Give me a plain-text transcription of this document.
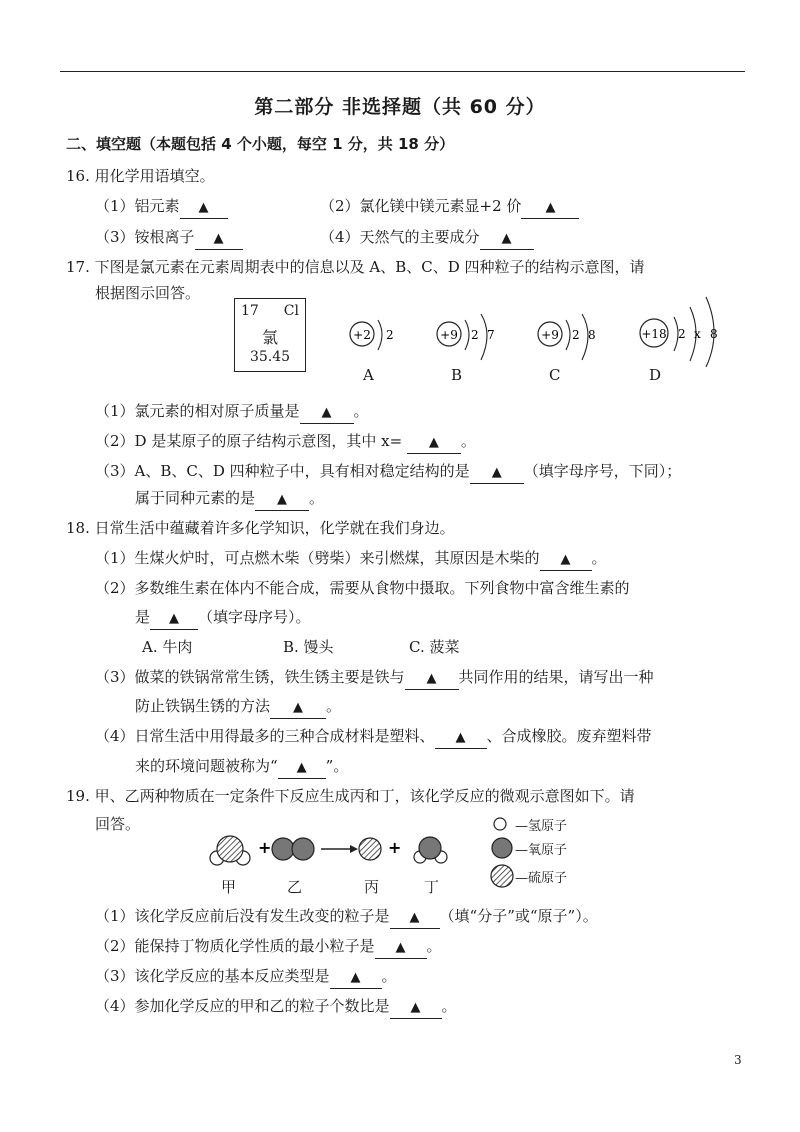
第二部分 非选择题（共 60 分）
二、填空题（本题包括 4 个小题，每空 1 分，共 18 分）
16. 用化学用语填空。
（1）铝元素 ▲	（2）氯化镁中镁元素显+2 价 ▲
（3）铵根离子 ▲	（4）天然气的主要成分 ▲
17. 下图是氯元素在元素周期表中的信息以及 A、B、C、D 四种粒子的结构示意图，请
根据图示回答。
17 Cl
氯
35.45
+2 2
A
+9 2 7
B
+9 2 8
C
+18 2 x 8
D
（1）氯元素的相对原子质量是 ▲ 。
（2）D 是某原子的原子结构示意图，其中 x= ▲ 。
（3）A、B、C、D 四种粒子中，具有相对稳定结构的是 ▲ （填字母序号，下同）；
属于同种元素的是 ▲ 。
18. 日常生活中蕴藏着许多化学知识，化学就在我们身边。
（1）生煤火炉时，可点燃木柴（劈柴）来引燃煤，其原因是木柴的 ▲ 。
（2）多数维生素在体内不能合成，需要从食物中摄取。下列食物中富含维生素的
是 ▲ （填字母序号）。
A. 牛肉	B. 馒头	C. 菠菜
（3）做菜的铁锅常常生锈，铁生锈主要是铁与 ▲ 共同作用的结果，请写出一种
防止铁锅生锈的方法 ▲ 。
（4）日常生活中用得最多的三种合成材料是塑料、 ▲ 、合成橡胶。废弃塑料带
来的环境问题被称为“ ▲ ”。
19. 甲、乙两种物质在一定条件下反应生成丙和丁，该化学反应的微观示意图如下。请
回答。
+	+
—氢原子
—氧原子
—硫原子
甲	乙	丙	丁
（1）该化学反应前后没有发生改变的粒子是 ▲ （填“分子”或“原子”）。
（2）能保持丁物质化学性质的最小粒子是 ▲ 。
（3）该化学反应的基本反应类型是 ▲ 。
（4）参加化学反应的甲和乙的粒子个数比是 ▲ 。
3
